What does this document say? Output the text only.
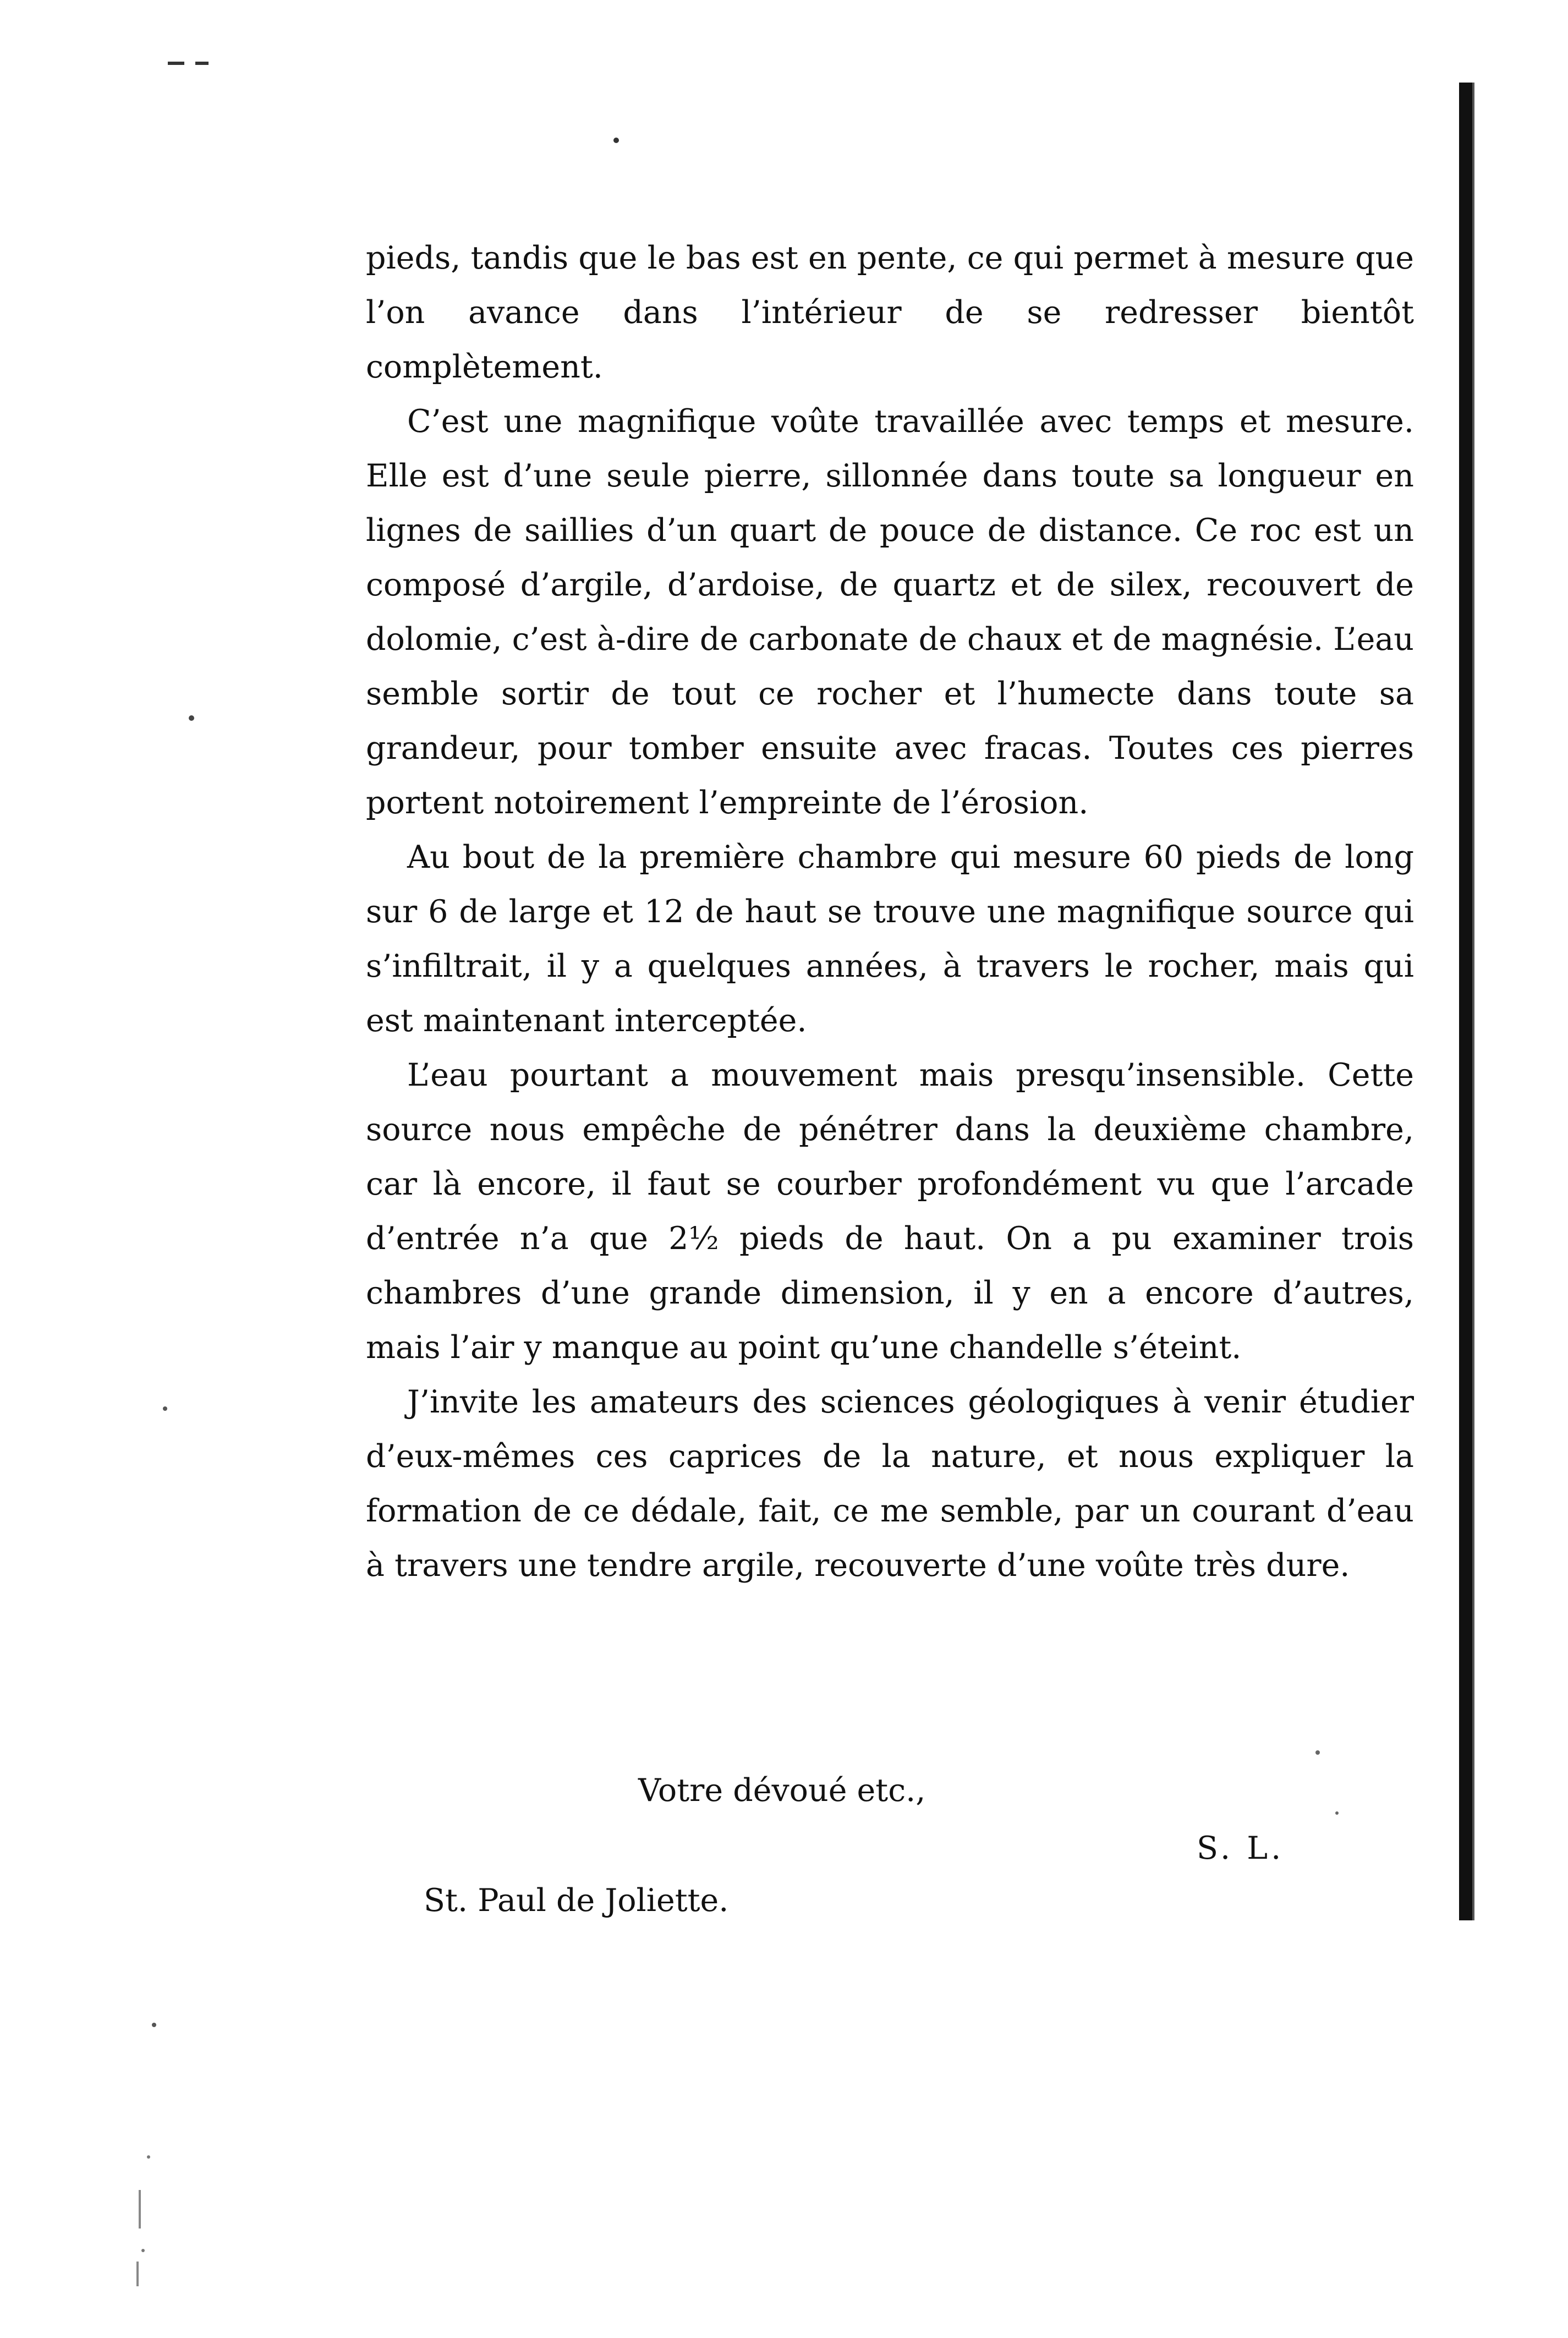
pieds, tandis que le bas est en pente, ce qui permet à mesure que l’on avance dans l’intérieur de se redresser bientôt complètement.

C’est une magnifique voûte travaillée avec temps et mesure. Elle est d’une seule pierre, sillonnée dans toute sa longueur en lignes de saillies d’un quart de pouce de distance. Ce roc est un composé d’argile, d’ardoise, de quartz et de silex, recouvert de dolomie, c’est à-dire de carbonate de chaux et de magnésie. L’eau semble sortir de tout ce rocher et l’humecte dans toute sa grandeur, pour tomber ensuite avec fracas. Toutes ces pierres portent notoirement l’empreinte de l’érosion.

Au bout de la première chambre qui mesure 60 pieds de long sur 6 de large et 12 de haut se trouve une magnifique source qui s’infiltrait, il y a quelques années, à travers le rocher, mais qui est maintenant interceptée.

L’eau pourtant a mouvement mais presqu’insensible. Cette source nous empêche de pénétrer dans la deuxième chambre, car là encore, il faut se courber profondément vu que l’arcade d’entrée n’a que 2½ pieds de haut. On a pu examiner trois chambres d’une grande dimension, il y en a encore d’autres, mais l’air y manque au point qu’une chandelle s’éteint.

J’invite les amateurs des sciences géologiques à venir étudier d’eux-mêmes ces caprices de la nature, et nous expliquer la formation de ce dédale, fait, ce me semble, par un courant d’eau à travers une tendre argile, recouverte d’une voûte très dure.

Votre dévoué etc.,
S. L.
St. Paul de Joliette.
